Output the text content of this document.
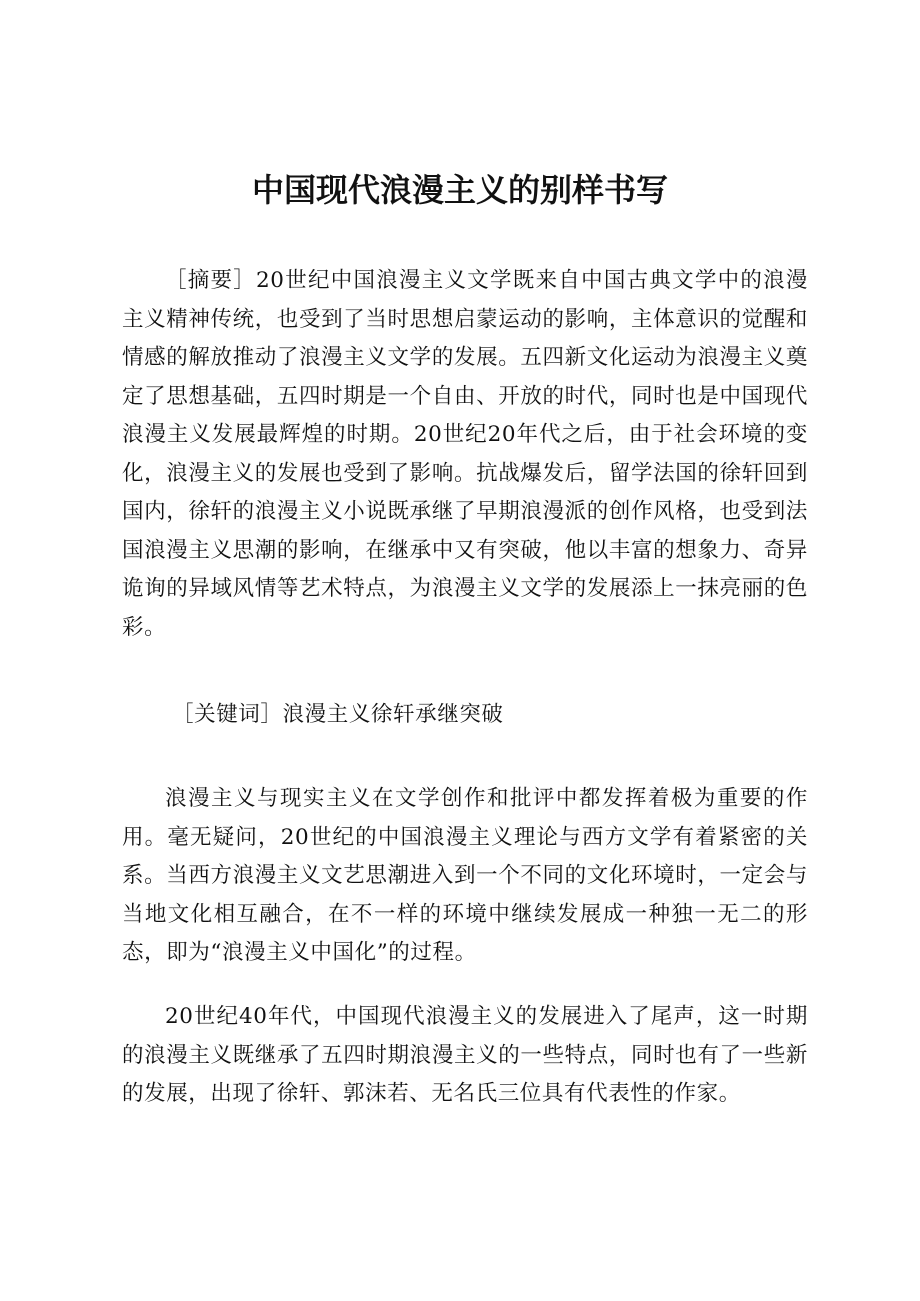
中国现代浪漫主义的别样书写

［摘要］20世纪中国浪漫主义文学既来自中国古典文学中的浪漫主义精神传统，也受到了当时思想启蒙运动的影响，主体意识的觉醒和情感的解放推动了浪漫主义文学的发展。五四新文化运动为浪漫主义奠定了思想基础，五四时期是一个自由、开放的时代，同时也是中国现代浪漫主义发展最辉煌的时期。20世纪20年代之后，由于社会环境的变化，浪漫主义的发展也受到了影响。抗战爆发后，留学法国的徐轩回到国内，徐轩的浪漫主义小说既承继了早期浪漫派的创作风格，也受到法国浪漫主义思潮的影响，在继承中又有突破，他以丰富的想象力、奇异诡询的异域风情等艺术特点，为浪漫主义文学的发展添上一抹亮丽的色彩。

［关键词］浪漫主义徐轩承继突破

浪漫主义与现实主义在文学创作和批评中都发挥着极为重要的作用。毫无疑问，20世纪的中国浪漫主义理论与西方文学有着紧密的关系。当西方浪漫主义文艺思潮进入到一个不同的文化环境时，一定会与当地文化相互融合，在不一样的环境中继续发展成一种独一无二的形态，即为“浪漫主义中国化”的过程。

20世纪40年代，中国现代浪漫主义的发展进入了尾声，这一时期的浪漫主义既继承了五四时期浪漫主义的一些特点，同时也有了一些新的发展，出现了徐轩、郭沫若、无名氏三位具有代表性的作家。
